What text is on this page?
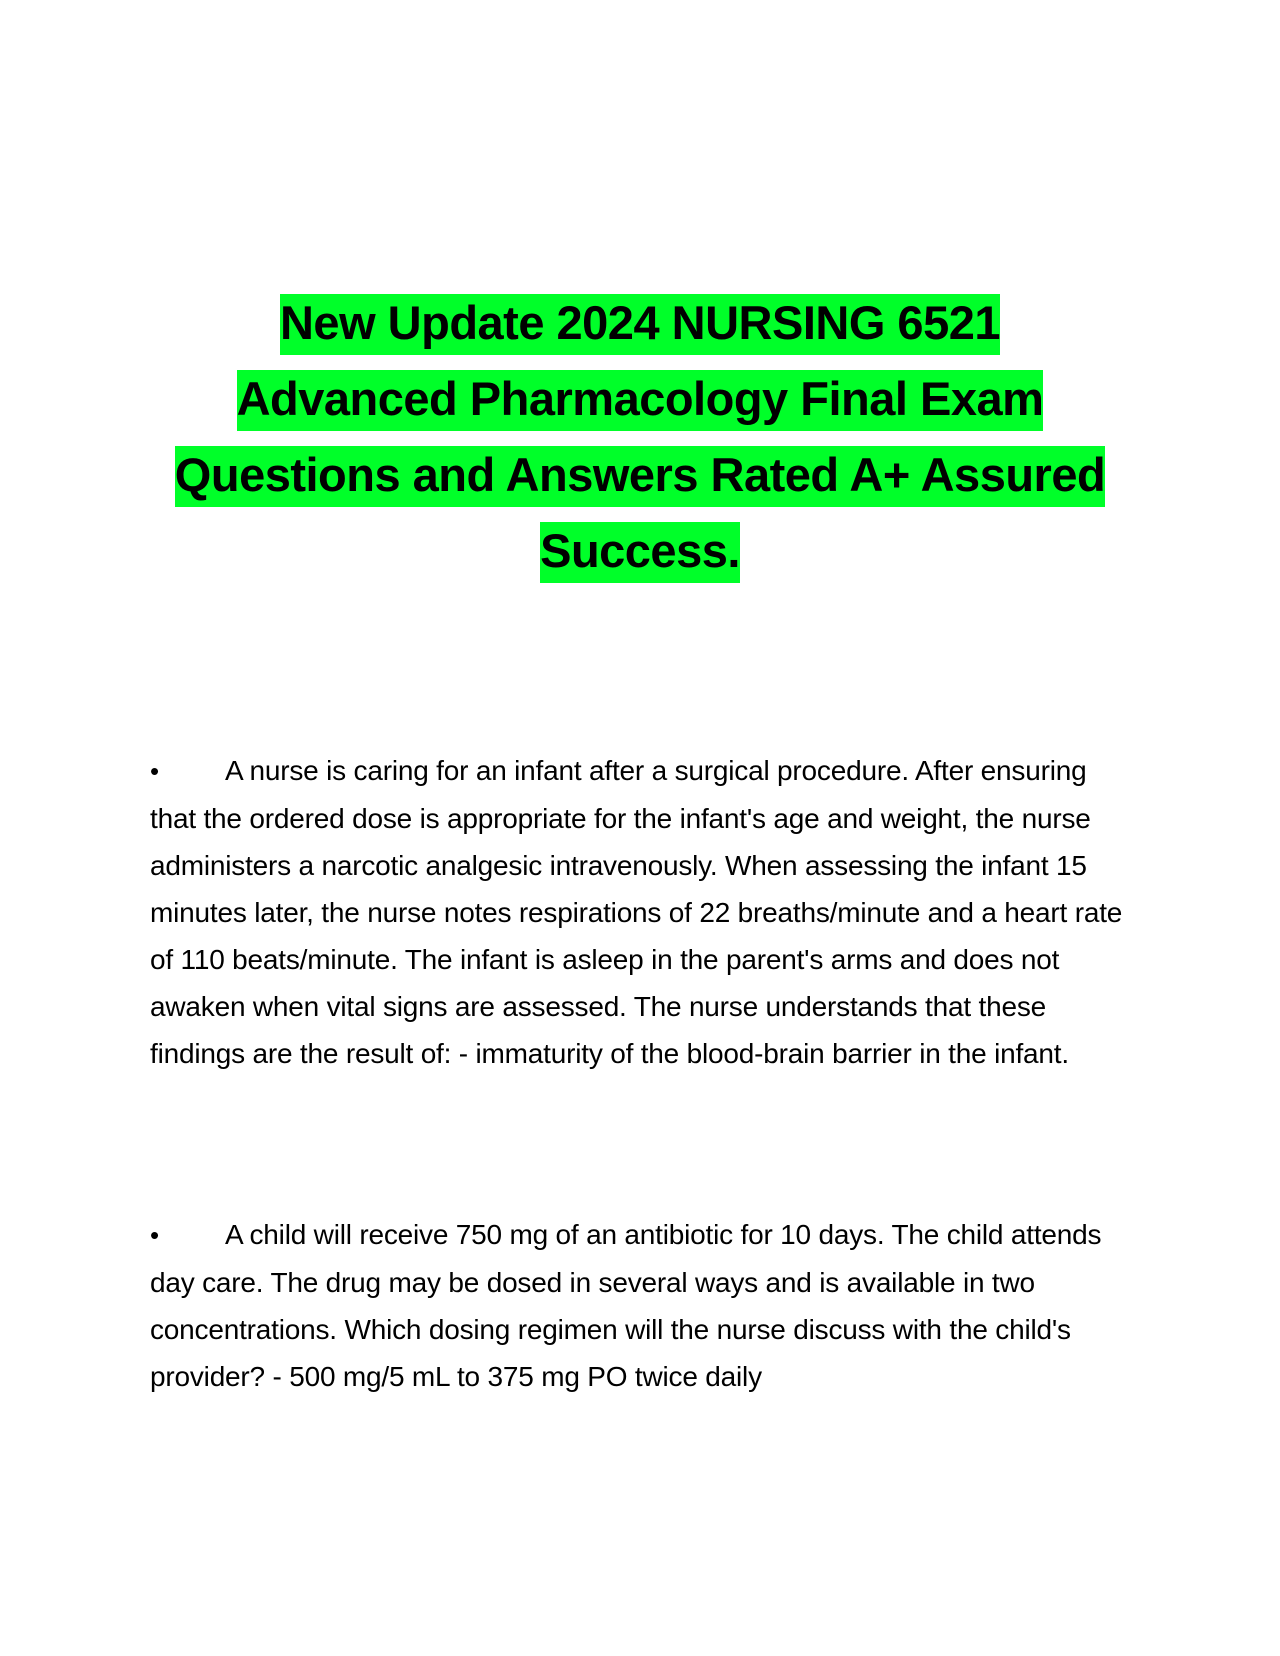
New Update 2024 NURSING 6521
Advanced Pharmacology Final Exam
Questions and Answers Rated A+ Assured
Success.
• A nurse is caring for an infant after a surgical procedure. After ensuring that the ordered dose is appropriate for the infant's age and weight, the nurse administers a narcotic analgesic intravenously. When assessing the infant 15 minutes later, the nurse notes respirations of 22 breaths/minute and a heart rate of 110 beats/minute. The infant is asleep in the parent's arms and does not awaken when vital signs are assessed. The nurse understands that these findings are the result of: - immaturity of the blood-brain barrier in the infant.
• A child will receive 750 mg of an antibiotic for 10 days. The child attends day care. The drug may be dosed in several ways and is available in two concentrations. Which dosing regimen will the nurse discuss with the child's provider? - 500 mg/5 mL to 375 mg PO twice daily
